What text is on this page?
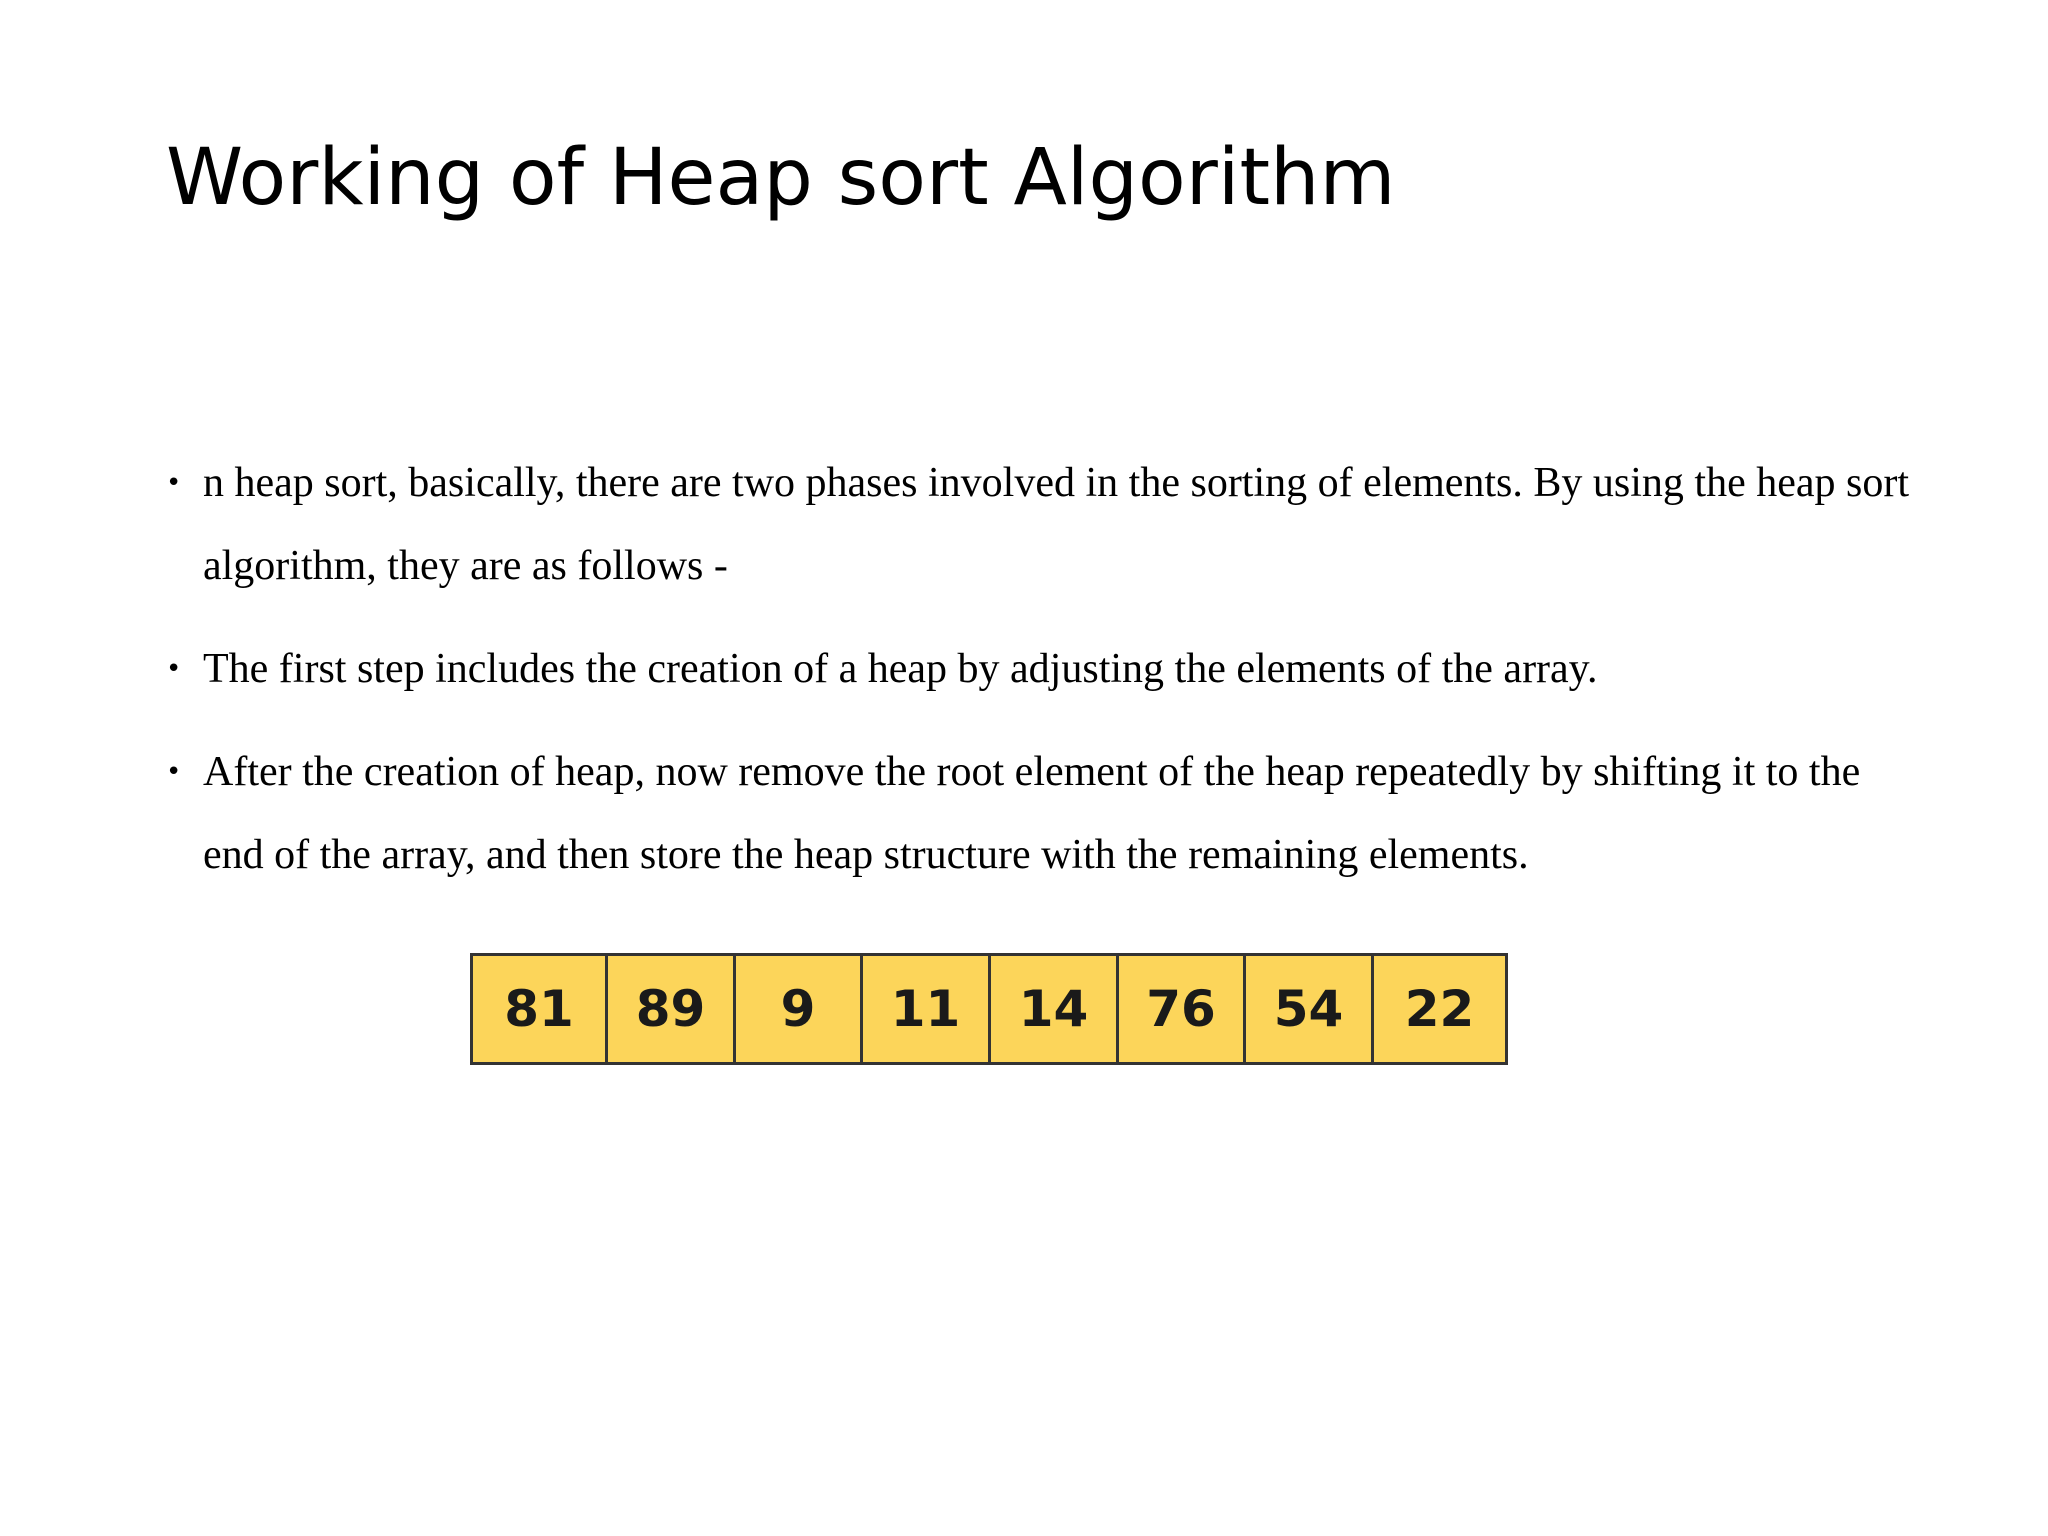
Working of Heap sort Algorithm
• n heap sort, basically, there are two phases involved in the sorting of elements. By using the heap sort algorithm, they are as follows -
• The first step includes the creation of a heap by adjusting the elements of the array.
• After the creation of heap, now remove the root element of the heap repeatedly by shifting it to the end of the array, and then store the heap structure with the remaining elements.
81	89	9	11	14	76	54	22
